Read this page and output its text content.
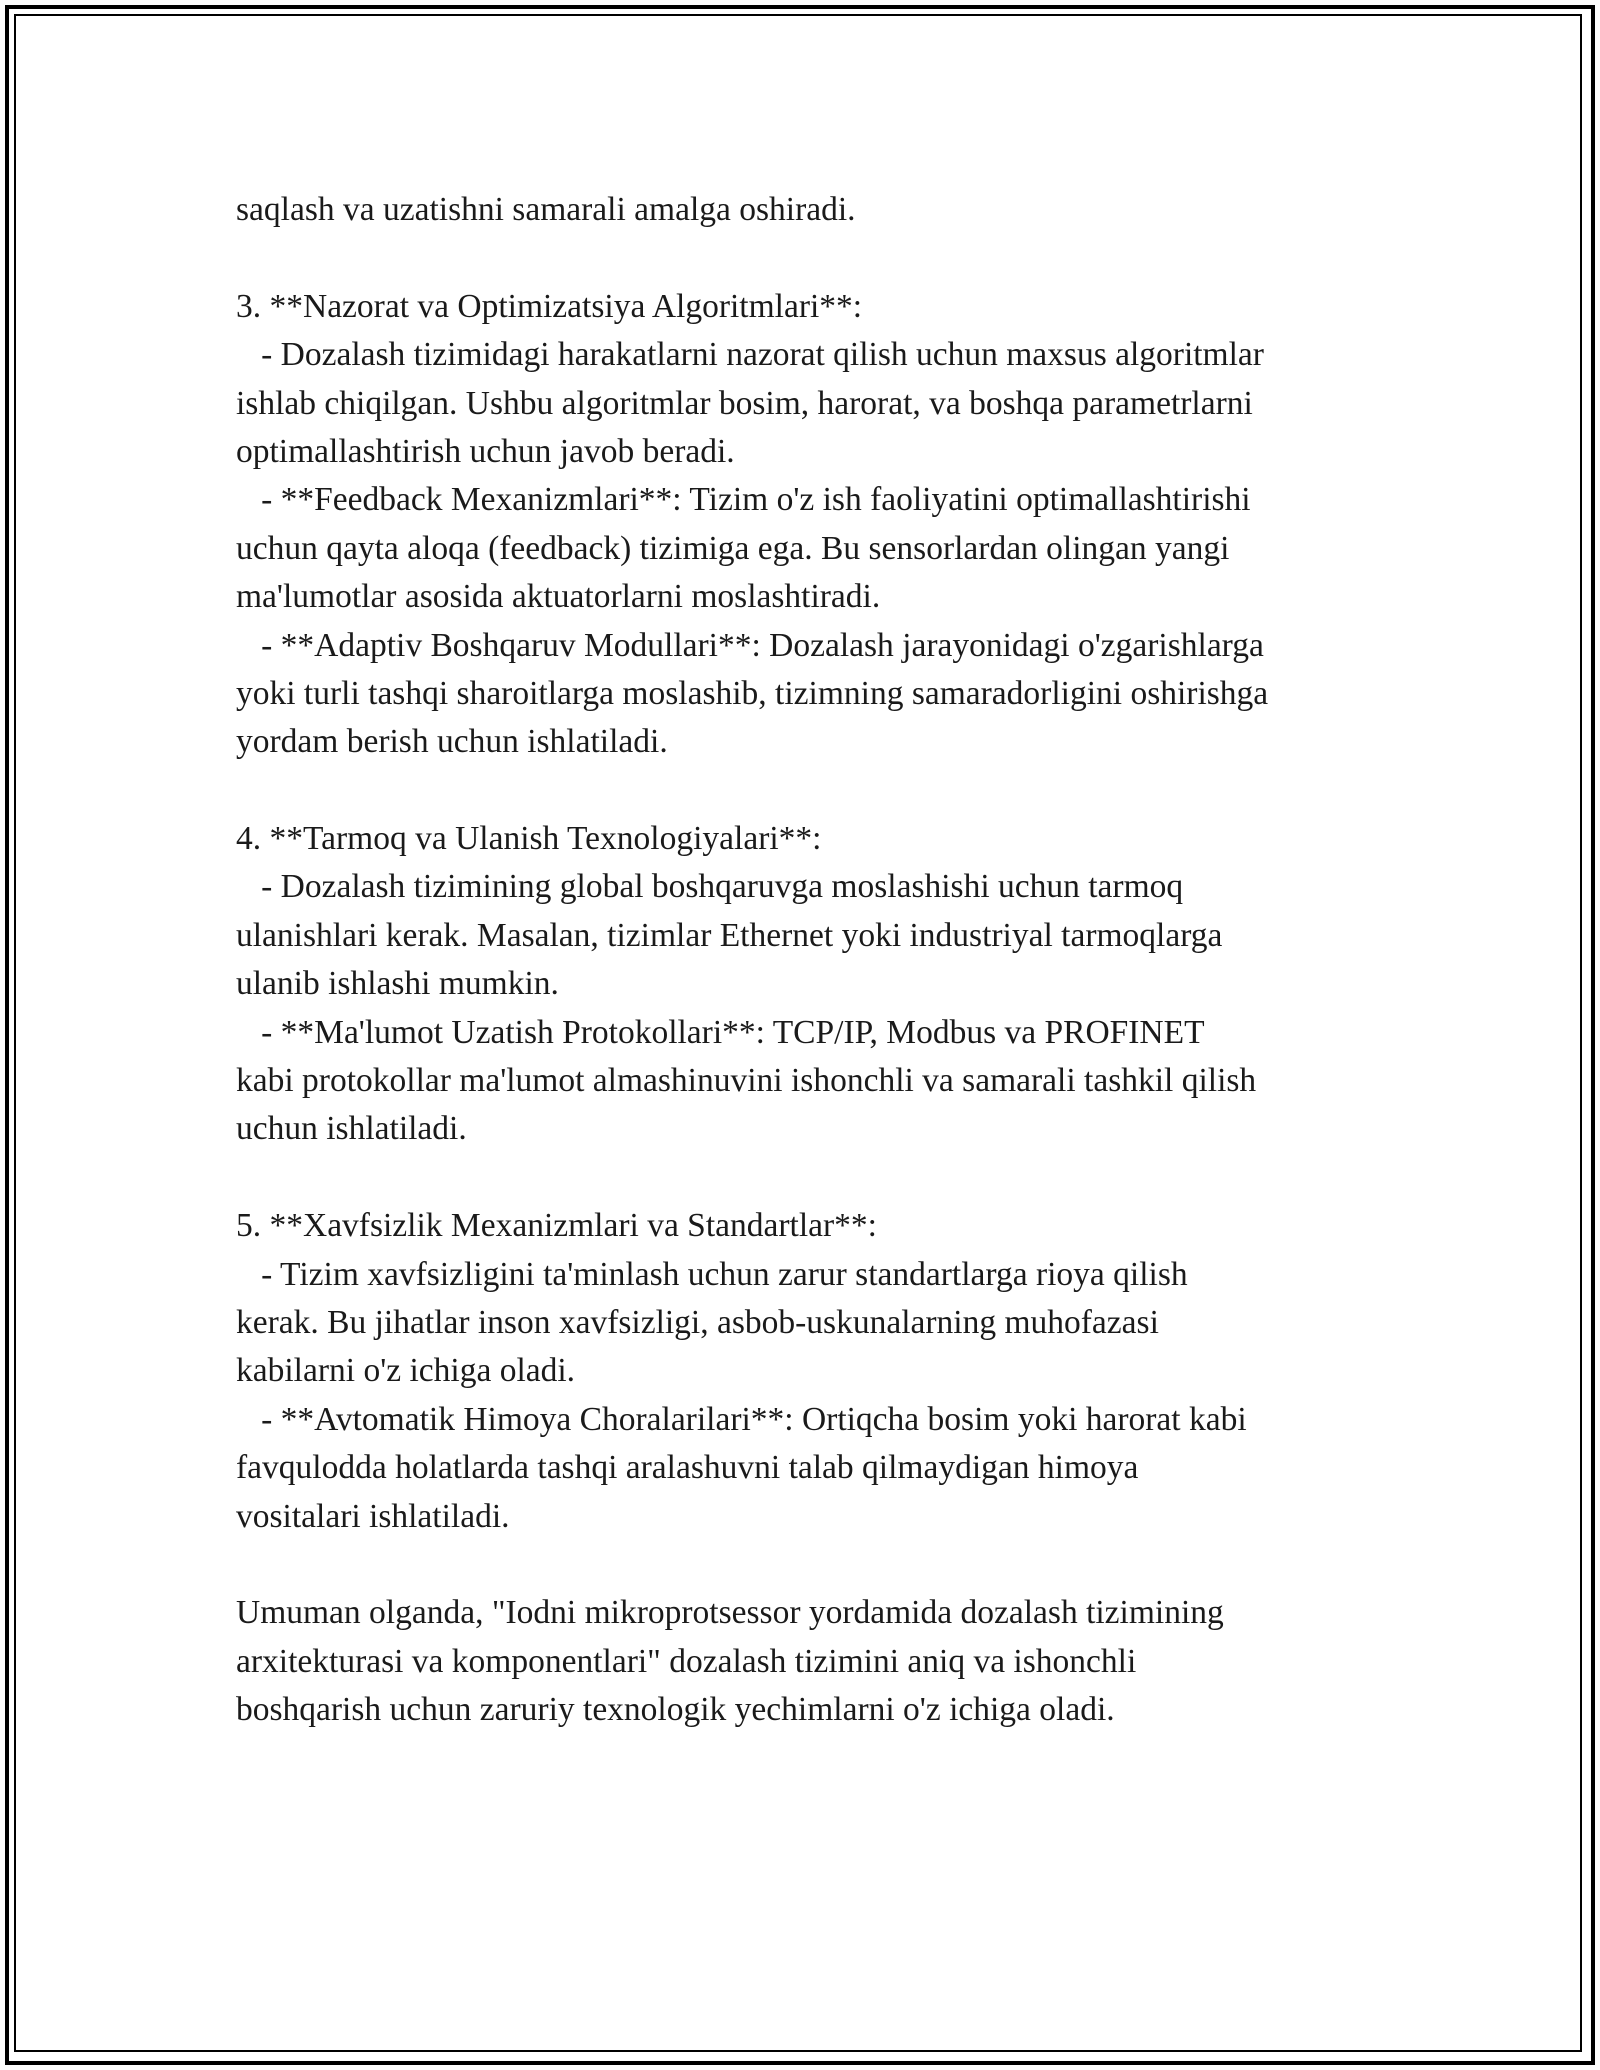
saqlash va uzatishni samarali amalga oshiradi.
3. **Nazorat va Optimizatsiya Algoritmlari**:
- Dozalash tizimidagi harakatlarni nazorat qilish uchun maxsus algoritmlar
ishlab chiqilgan. Ushbu algoritmlar bosim, harorat, va boshqa parametrlarni
optimallashtirish uchun javob beradi.
- **Feedback Mexanizmlari**: Tizim o'z ish faoliyatini optimallashtirishi
uchun qayta aloqa (feedback) tizimiga ega. Bu sensorlardan olingan yangi
ma'lumotlar asosida aktuatorlarni moslashtiradi.
- **Adaptiv Boshqaruv Modullari**: Dozalash jarayonidagi o'zgarishlarga
yoki turli tashqi sharoitlarga moslashib, tizimning samaradorligini oshirishga
yordam berish uchun ishlatiladi.
4. **Tarmoq va Ulanish Texnologiyalari**:
- Dozalash tizimining global boshqaruvga moslashishi uchun tarmoq
ulanishlari kerak. Masalan, tizimlar Ethernet yoki industriyal tarmoqlarga
ulanib ishlashi mumkin.
- **Ma'lumot Uzatish Protokollari**: TCP/IP, Modbus va PROFINET
kabi protokollar ma'lumot almashinuvini ishonchli va samarali tashkil qilish
uchun ishlatiladi.
5. **Xavfsizlik Mexanizmlari va Standartlar**:
- Tizim xavfsizligini ta'minlash uchun zarur standartlarga rioya qilish
kerak. Bu jihatlar inson xavfsizligi, asbob-uskunalarning muhofazasi
kabilarni o'z ichiga oladi.
- **Avtomatik Himoya Choralarilari**: Ortiqcha bosim yoki harorat kabi
favqulodda holatlarda tashqi aralashuvni talab qilmaydigan himoya
vositalari ishlatiladi.
Umuman olganda, "Iodni mikroprotsessor yordamida dozalash tizimining
arxitekturasi va komponentlari" dozalash tizimini aniq va ishonchli
boshqarish uchun zaruriy texnologik yechimlarni o'z ichiga oladi.
